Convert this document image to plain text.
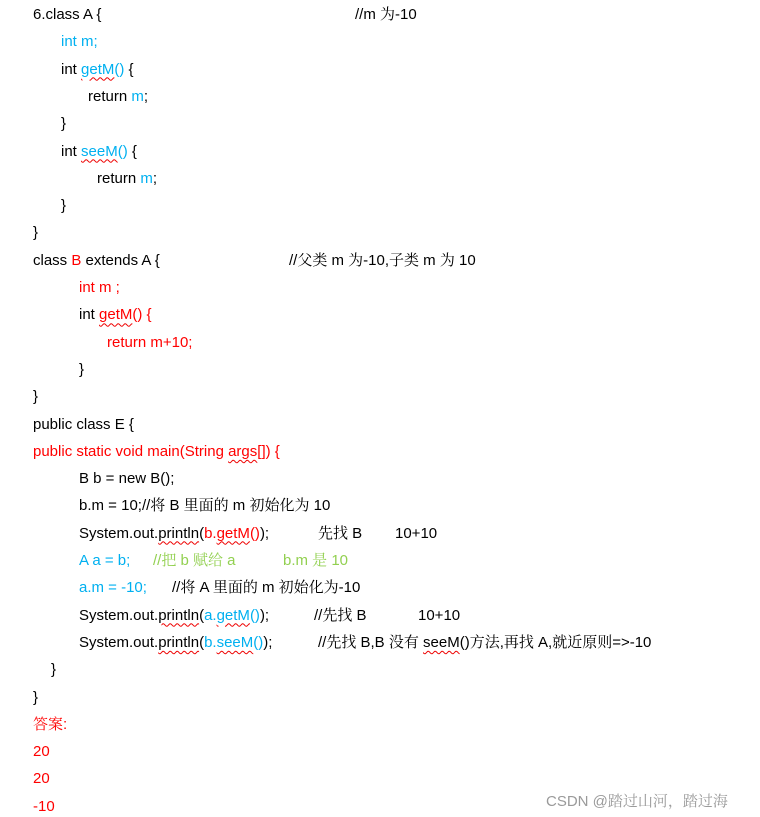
6.class A {	//m 为-10
int m;
int getM() {
return m;
}
int seeM() {
return m;
}
}
class B extends A {	//父类 m 为-10,子类 m 为 10
int m ;
int getM() {
return m+10;
}
}
public class E {
public static void main(String args[]) {
B b = new B();
b.m = 10;//将 B 里面的 m 初始化为 10
System.out.println(b.getM());	先找 B 10+10
A a = b; //把 b 赋给 a	b.m 是 10
a.m = -10; //将 A 里面的 m 初始化为-10
System.out.println(a.getM());	//先找 B	10+10
System.out.println(b.seeM());	//先找 B,B 没有 seeM()方法,再找 A,就近原则=>-10
}
}
答案:
20
20
-10	CSDN @踏过山河，踏过海
